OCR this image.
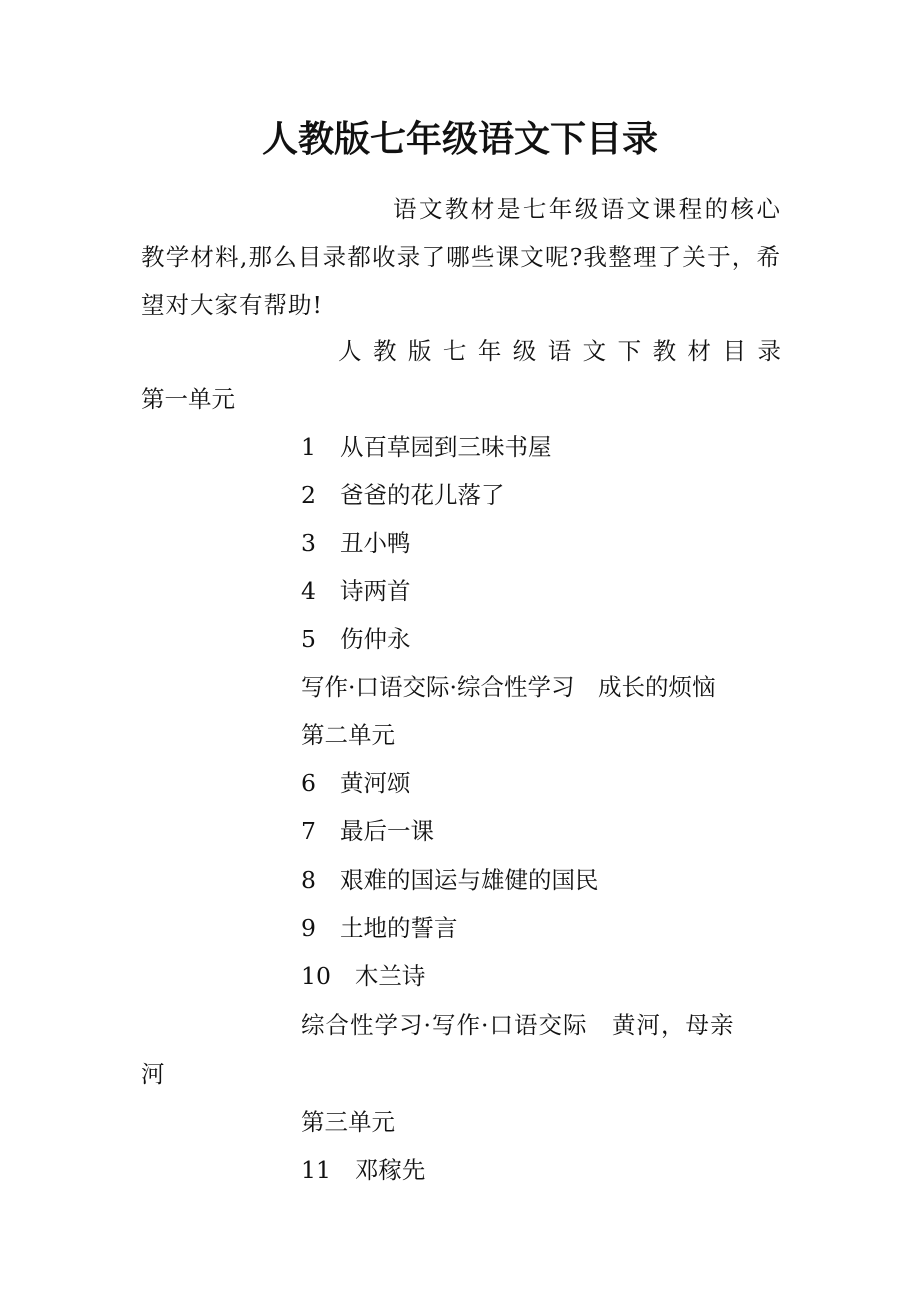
人教版七年级语文下目录

语文教材是七年级语文课程的核心教学材料,那么目录都收录了哪些课文呢?我整理了关于，希望对大家有帮助!

人 教 版 七 年 级 语 文 下 教 材 目 录
第一单元
1 从百草园到三味书屋
2 爸爸的花儿落了
3 丑小鸭
4 诗两首
5 伤仲永
写作·口语交际·综合性学习　成长的烦恼
第二单元
6 黄河颂
7 最后一课
8 艰难的国运与雄健的国民
9 土地的誓言
10 木兰诗
综合性学习·写作·口语交际　黄河，母亲
河
第三单元
11 邓稼先
